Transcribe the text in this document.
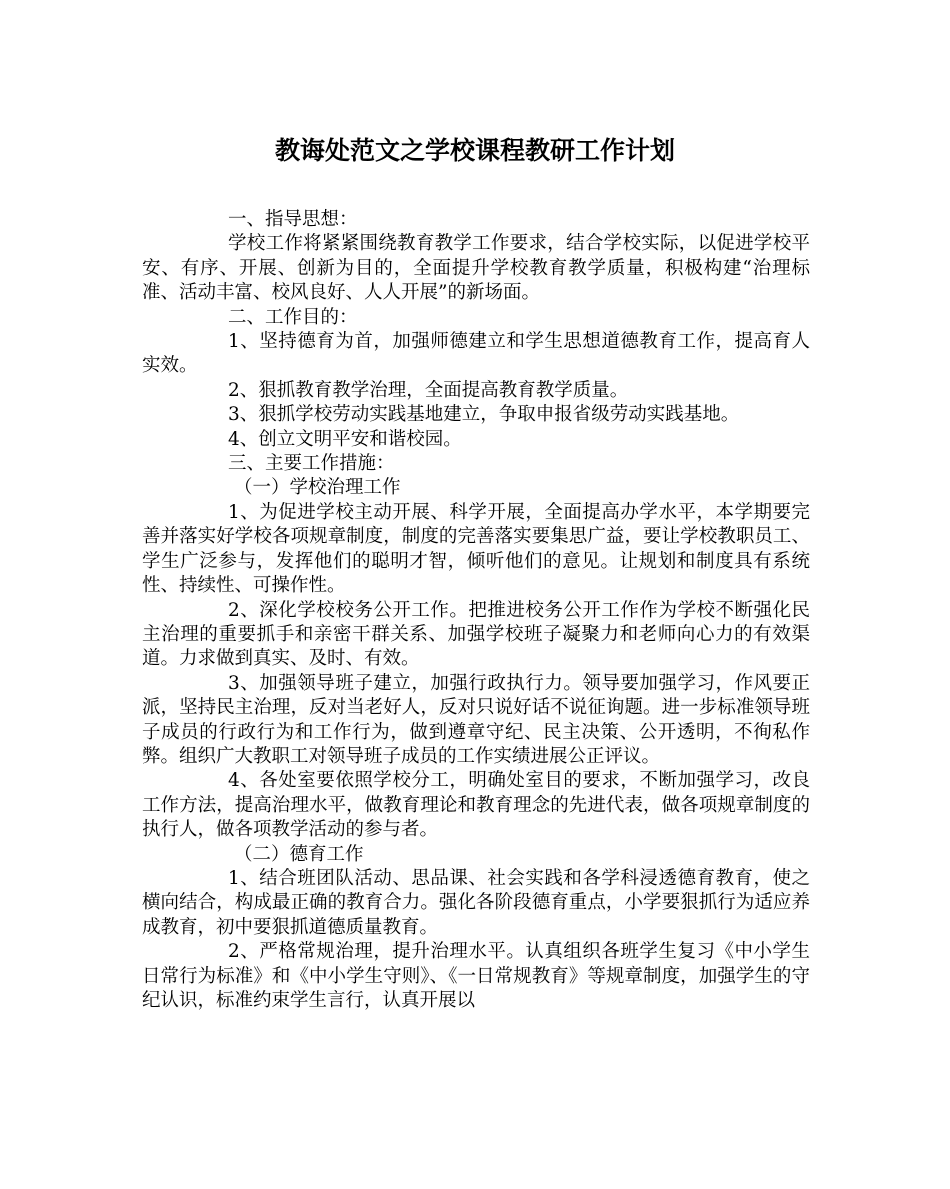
教诲处范文之学校课程教研工作计划

一、指导思想：

学校工作将紧紧围绕教育教学工作要求，结合学校实际，以促进学校平安、有序、开展、创新为目的，全面提升学校教育教学质量，积极构建“治理标准、活动丰富、校风良好、人人开展”的新场面。

二、工作目的：

1、坚持德育为首，加强师德建立和学生思想道德教育工作，提高育人实效。

2、狠抓教育教学治理，全面提高教育教学质量。

3、狠抓学校劳动实践基地建立，争取申报省级劳动实践基地。

4、创立文明平安和谐校园。

三、主要工作措施：

（一）学校治理工作

1、为促进学校主动开展、科学开展，全面提高办学水平，本学期要完善并落实好学校各项规章制度，制度的完善落实要集思广益，要让学校教职员工、学生广泛参与，发挥他们的聪明才智，倾听他们的意见。让规划和制度具有系统性、持续性、可操作性。

2、深化学校校务公开工作。把推进校务公开工作作为学校不断强化民主治理的重要抓手和亲密干群关系、加强学校班子凝聚力和老师向心力的有效渠道。力求做到真实、及时、有效。

3、加强领导班子建立，加强行政执行力。领导要加强学习，作风要正派，坚持民主治理，反对当老好人，反对只说好话不说征询题。进一步标准领导班子成员的行政行为和工作行为，做到遵章守纪、民主决策、公开透明，不徇私作弊。组织广大教职工对领导班子成员的工作实绩进展公正评议。

4、各处室要依照学校分工，明确处室目的要求，不断加强学习，改良工作方法，提高治理水平，做教育理论和教育理念的先进代表，做各项规章制度的执行人，做各项教学活动的参与者。

（二）德育工作

1、结合班团队活动、思品课、社会实践和各学科浸透德育教育，使之横向结合，构成最正确的教育合力。强化各阶段德育重点，小学要狠抓行为适应养成教育，初中要狠抓道德质量教育。

2、严格常规治理，提升治理水平。认真组织各班学生复习《中小学生日常行为标准》和《中小学生守则》、《一日常规教育》等规章制度，加强学生的守纪认识，标准约束学生言行，认真开展以
